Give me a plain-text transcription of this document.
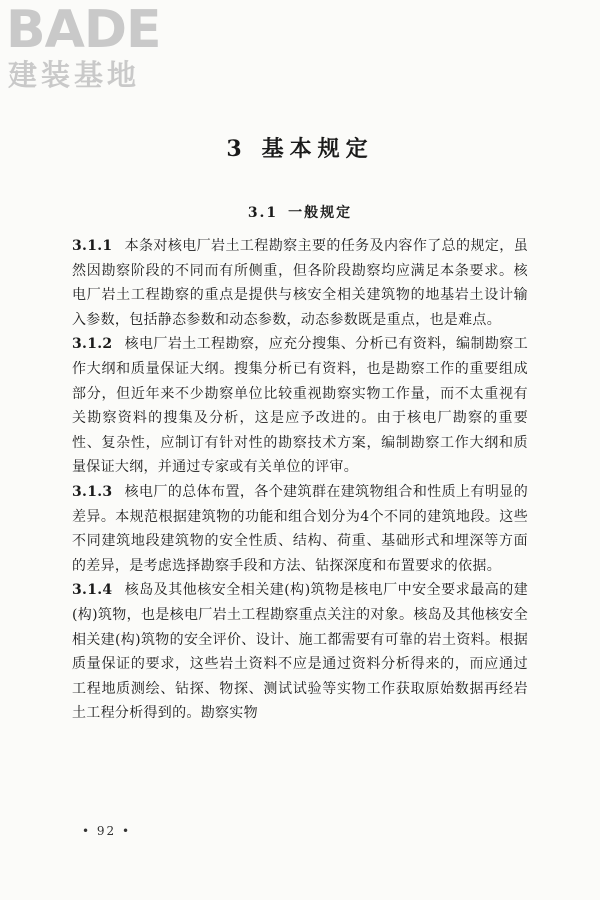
BADE
建装基地
3 基本规定
3.1 一般规定

3.1.1 本条对核电厂岩土工程勘察主要的任务及内容作了总的规定，虽然因勘察阶段的不同而有所侧重，但各阶段勘察均应满足本条要求。核电厂岩土工程勘察的重点是提供与核安全相关建筑物的地基岩土设计输入参数，包括静态参数和动态参数，动态参数既是重点，也是难点。

3.1.2 核电厂岩土工程勘察，应充分搜集、分析已有资料，编制勘察工作大纲和质量保证大纲。搜集分析已有资料，也是勘察工作的重要组成部分，但近年来不少勘察单位比较重视勘察实物工作量，而不太重视有关勘察资料的搜集及分析，这是应予改进的。由于核电厂勘察的重要性、复杂性，应制订有针对性的勘察技术方案，编制勘察工作大纲和质量保证大纲，并通过专家或有关单位的评审。

3.1.3 核电厂的总体布置，各个建筑群在建筑物组合和性质上有明显的差异。本规范根据建筑物的功能和组合划分为4个不同的建筑地段。这些不同建筑地段建筑物的安全性质、结构、荷重、基础形式和埋深等方面的差异，是考虑选择勘察手段和方法、钻探深度和布置要求的依据。

3.1.4 核岛及其他核安全相关建(构)筑物是核电厂中安全要求最高的建(构)筑物，也是核电厂岩土工程勘察重点关注的对象。核岛及其他核安全相关建(构)筑物的安全评价、设计、施工都需要有可靠的岩土资料。根据质量保证的要求，这些岩土资料不应是通过资料分析得来的，而应通过工程地质测绘、钻探、物探、测试试验等实物工作获取原始数据再经岩土工程分析得到的。勘察实物

• 92 •
